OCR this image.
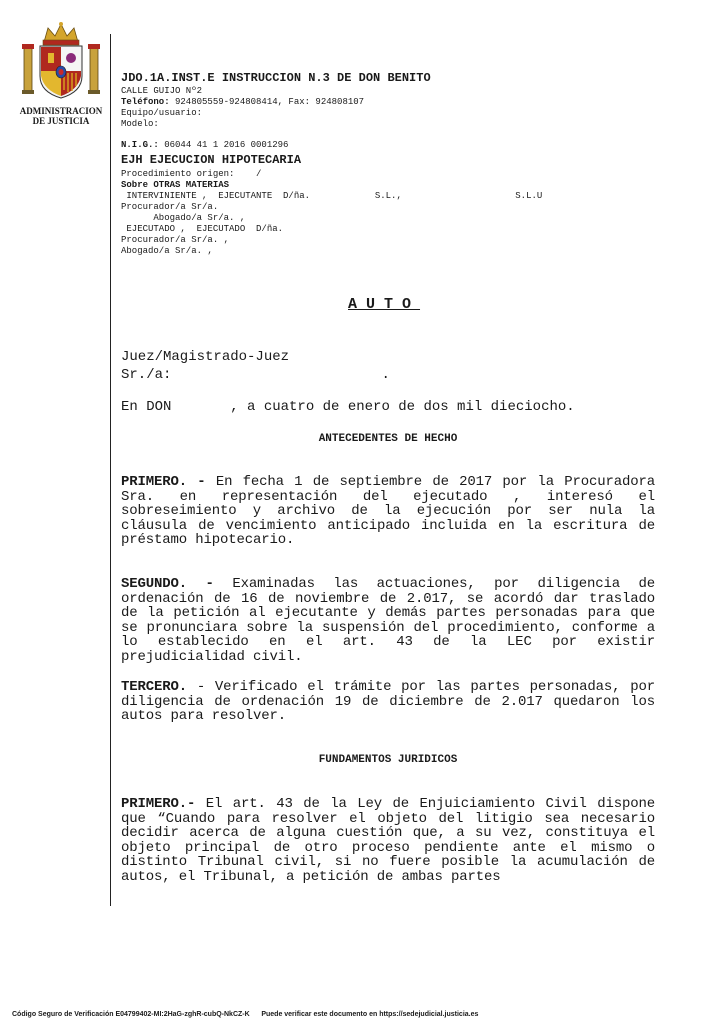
ADMINISTRACION
DE JUSTICIA
JDO.1A.INST.E INSTRUCCION N.3 DE DON BENITO
CALLE GUIJO Nº2
Teléfono: 924805559-924808414, Fax: 924808107
Equipo/usuario:
Modelo:
N.I.G.: 06044 41 1 2016 0001296
EJH EJECUCION HIPOTECARIA
Procedimiento origen:    /
Sobre OTRAS MATERIAS
INTERVINIENTE ,  EJECUTANTE  D/ña.            S.L.,                     S.L.U
Procurador/a Sr/a.
Abogado/a Sr/a. ,
EJECUTADO ,  EJECUTADO  D/ña.
Procurador/a Sr/a. ,
Abogado/a Sr/a. ,
AUTO
Juez/Magistrado-Juez
Sr./a:                         .
En DON       , a cuatro de enero de dos mil dieciocho.
ANTECEDENTES DE HECHO
PRIMERO. - En fecha 1 de septiembre de 2017 por la Procuradora Sra. en representación del ejecutado , interesó el sobreseimiento y archivo de la ejecución por ser nula la cláusula de vencimiento anticipado incluida en la escritura de préstamo hipotecario.
SEGUNDO. - Examinadas las actuaciones, por diligencia de ordenación de 16 de noviembre de 2.017, se acordó dar traslado de la petición al ejecutante y demás partes personadas para que se pronunciara sobre la suspensión del procedimiento, conforme a lo establecido en el art. 43 de la LEC por existir prejudicialidad civil.
TERCERO. - Verificado el trámite por las partes personadas, por diligencia de ordenación 19 de diciembre de 2.017 quedaron los autos para resolver.
FUNDAMENTOS JURIDICOS
PRIMERO.- El art. 43 de la Ley de Enjuiciamiento Civil dispone que “Cuando para resolver el objeto del litigio sea necesario decidir acerca de alguna cuestión que, a su vez, constituya el objeto principal de otro proceso pendiente ante el mismo o distinto Tribunal civil, si no fuere posible la acumulación de autos, el Tribunal, a petición de ambas partes
Código Seguro de Verificación E04799402-MI:2HaG-zghR-cubQ-NkCZ-K      Puede verificar este documento en https://sedejudicial.justicia.es
